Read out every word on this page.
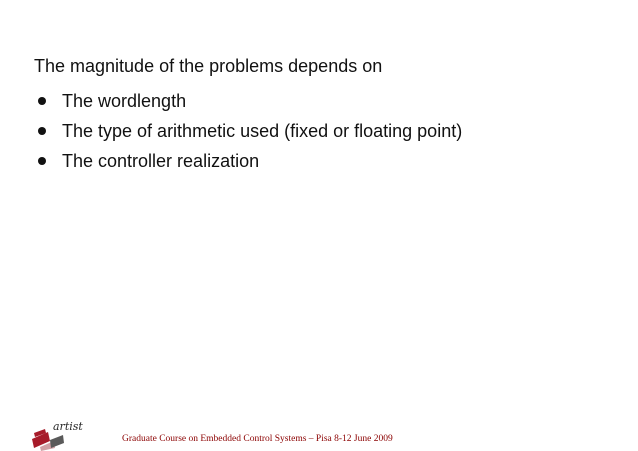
The magnitude of the problems depends on
The wordlength
The type of arithmetic used (fixed or floating point)
The controller realization
artist
Graduate Course on Embedded Control Systems – Pisa 8-12 June 2009
